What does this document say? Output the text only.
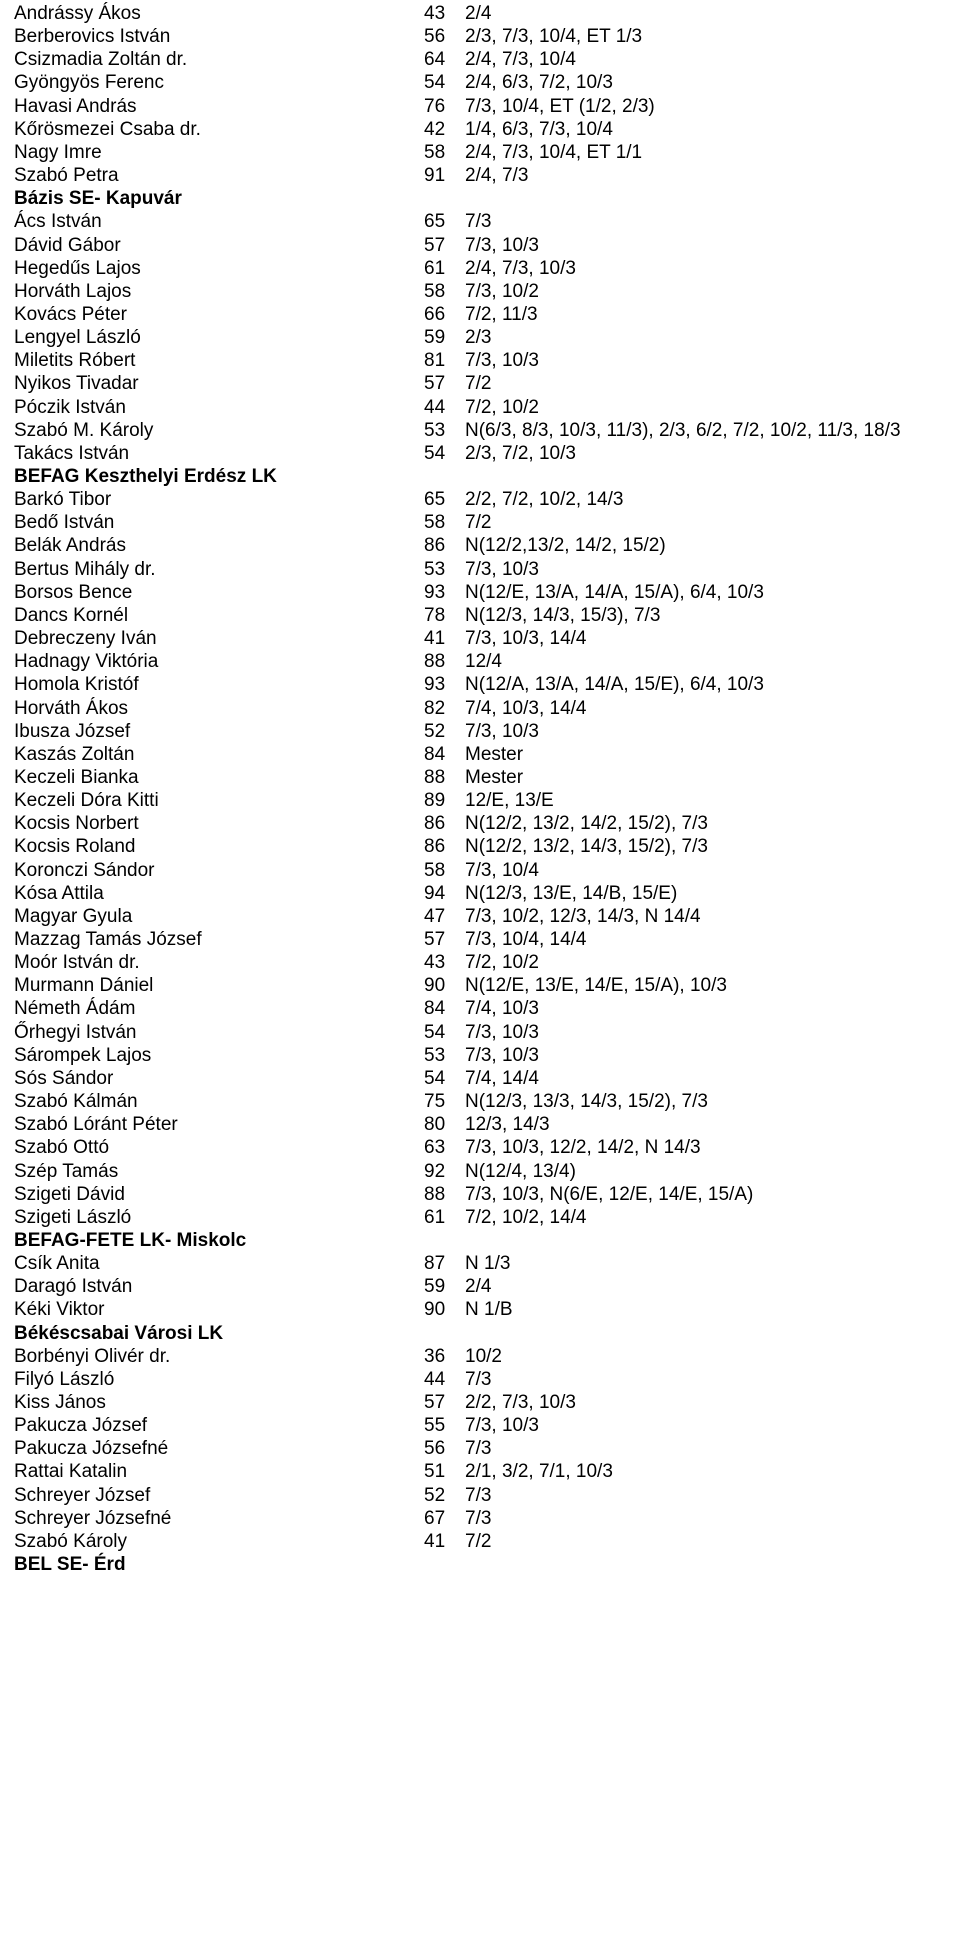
Andrássy Ákos	43 2/4
Berberovics István	56 2/3, 7/3, 10/4, ET 1/3
Csizmadia Zoltán dr.	64 2/4, 7/3, 10/4
Gyöngyös Ferenc	54 2/4, 6/3, 7/2, 10/3
Havasi András	76 7/3, 10/4, ET (1/2, 2/3)
Kőrösmezei Csaba dr.	42 1/4, 6/3, 7/3, 10/4
Nagy Imre	58 2/4, 7/3, 10/4, ET 1/1
Szabó Petra	91 2/4, 7/3
Bázis SE- Kapuvár
Ács István	65 7/3
Dávid Gábor	57 7/3, 10/3
Hegedűs Lajos	61 2/4, 7/3, 10/3
Horváth Lajos	58 7/3, 10/2
Kovács Péter	66 7/2, 11/3
Lengyel László	59 2/3
Miletits Róbert	81 7/3, 10/3
Nyikos Tivadar	57 7/2
Póczik István	44 7/2, 10/2
Szabó M. Károly	53 N(6/3, 8/3, 10/3, 11/3), 2/3, 6/2, 7/2, 10/2, 11/3, 18/3
Takács István	54 2/3, 7/2, 10/3
BEFAG Keszthelyi Erdész LK
Barkó Tibor	65 2/2, 7/2, 10/2, 14/3
Bedő István	58 7/2
Belák András	86 N(12/2,13/2, 14/2, 15/2)
Bertus Mihály dr.	53 7/3, 10/3
Borsos Bence	93 N(12/E, 13/A, 14/A, 15/A), 6/4, 10/3
Dancs Kornél	78 N(12/3, 14/3, 15/3), 7/3
Debreczeny Iván	41 7/3, 10/3, 14/4
Hadnagy Viktória	88 12/4
Homola Kristóf	93 N(12/A, 13/A, 14/A, 15/E), 6/4, 10/3
Horváth Ákos	82 7/4, 10/3, 14/4
Ibusza József	52 7/3, 10/3
Kaszás Zoltán	84 Mester
Keczeli Bianka	88 Mester
Keczeli Dóra Kitti	89 12/E, 13/E
Kocsis Norbert	86 N(12/2, 13/2, 14/2, 15/2), 7/3
Kocsis Roland	86 N(12/2, 13/2, 14/3, 15/2), 7/3
Koronczi Sándor	58 7/3, 10/4
Kósa Attila	94 N(12/3, 13/E, 14/B, 15/E)
Magyar Gyula	47 7/3, 10/2, 12/3, 14/3, N 14/4
Mazzag Tamás József	57 7/3, 10/4, 14/4
Moór István dr.	43 7/2, 10/2
Murmann Dániel	90 N(12/E, 13/E, 14/E, 15/A), 10/3
Németh Ádám	84 7/4, 10/3
Őrhegyi István	54 7/3, 10/3
Sárompek Lajos	53 7/3, 10/3
Sós Sándor	54 7/4, 14/4
Szabó Kálmán	75 N(12/3, 13/3, 14/3, 15/2), 7/3
Szabó Lóránt Péter	80 12/3, 14/3
Szabó Ottó	63 7/3, 10/3, 12/2, 14/2, N 14/3
Szép Tamás	92 N(12/4, 13/4)
Szigeti Dávid	88 7/3, 10/3, N(6/E, 12/E, 14/E, 15/A)
Szigeti László	61 7/2, 10/2, 14/4
BEFAG-FETE LK- Miskolc
Csík Anita	87 N 1/3
Daragó István	59 2/4
Kéki Viktor	90 N 1/B
Békéscsabai Városi LK
Borbényi Olivér dr.	36 10/2
Filyó László	44 7/3
Kiss János	57 2/2, 7/3, 10/3
Pakucza József	55 7/3, 10/3
Pakucza Józsefné	56 7/3
Rattai Katalin	51 2/1, 3/2, 7/1, 10/3
Schreyer József	52 7/3
Schreyer Józsefné	67 7/3
Szabó Károly	41 7/2
BEL SE- Érd
